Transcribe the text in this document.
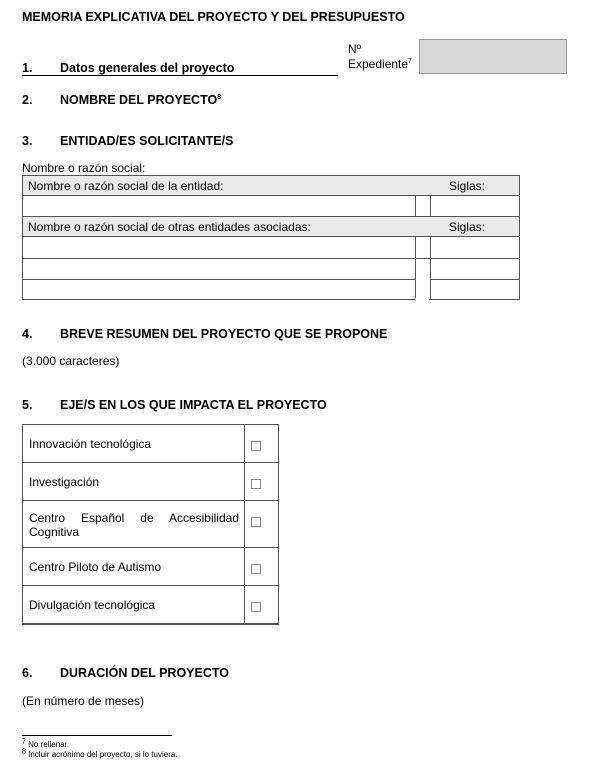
MEMORIA EXPLICATIVA DEL PROYECTO Y DEL PRESUPUESTO
1. Datos generales del proyecto
Nº
Expediente$^7$
2. NOMBRE DEL PROYECTO$^8$
3. ENTIDAD/ES SOLICITANTE/S
Nombre o razón social:
Nombre o razón social de la entidad:	Siglas:
Nombre o razón social de otras entidades asociadas:	Siglas:
4. BREVE RESUMEN DEL PROYECTO QUE SE PROPONE
(3.000 caracteres)
5. EJE/S EN LOS QUE IMPACTA EL PROYECTO
Innovación tecnológica
Investigación
Centro Español de Accesibilidad Cognitiva
Centro Piloto de Autismo
Divulgación tecnológica
6. DURACIÓN DEL PROYECTO
(En número de meses)
$^7$ No rellenar.
$^8$ Incluir acrónimo del proyecto, si lo tuviera.
